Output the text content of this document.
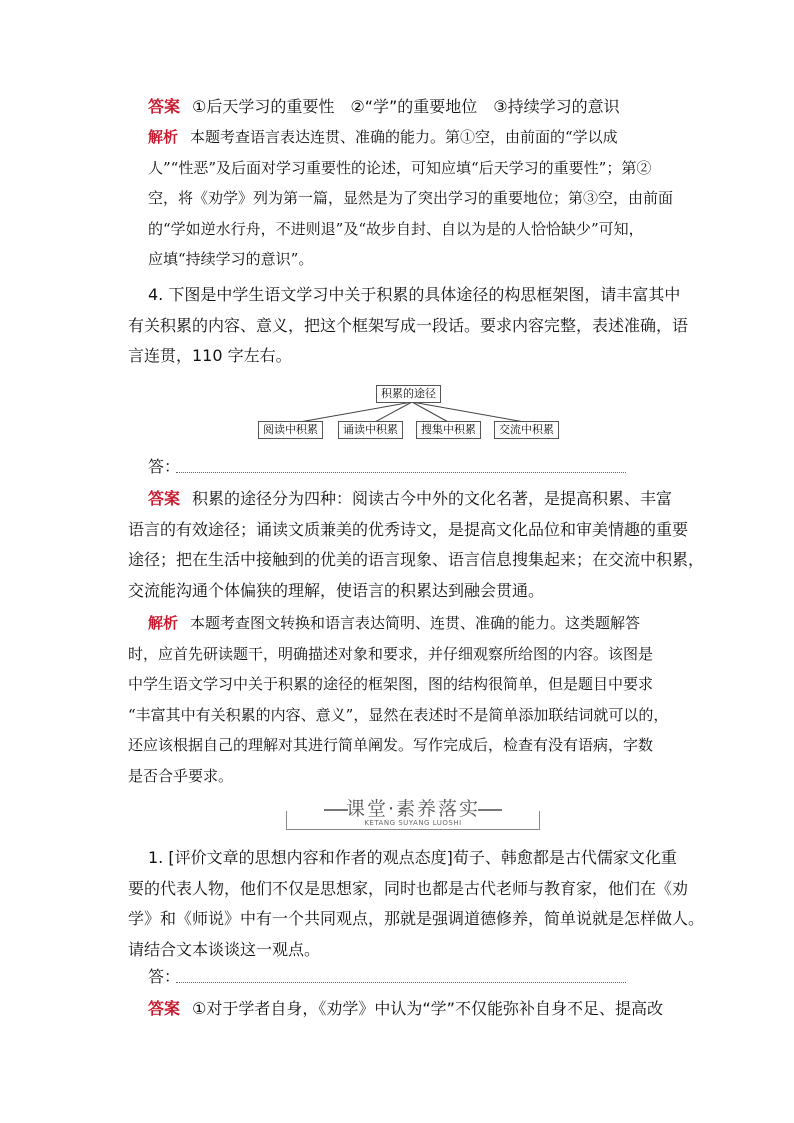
答案 ①后天学习的重要性　②“学”的重要地位　③持续学习的意识

解析 本题考查语言表达连贯、准确的能力。第①空，由前面的“学以成
人”“性恶”及后面对学习重要性的论述，可知应填“后天学习的重要性”；第②
空，将《劝学》列为第一篇，显然是为了突出学习的重要地位；第③空，由前面
的“学如逆水行舟，不进则退”及“故步自封、自以为是的人恰恰缺少”可知，
应填“持续学习的意识”。
4. 下图是中学生语文学习中关于积累的具体途径的构思框架图，请丰富其中
有关积累的内容、意义，把这个框架写成一段话。要求内容完整，表述准确，语
言连贯，110 字左右。
积累的途径
阅读中积累	诵读中积累	搜集中积累	交流中积累
答：
答案 积累的途径分为四种：阅读古今中外的文化名著，是提高积累、丰富
语言的有效途径；诵读文质兼美的优秀诗文，是提高文化品位和审美情趣的重要
途径；把在生活中接触到的优美的语言现象、语言信息搜集起来；在交流中积累，
交流能沟通个体偏狭的理解，使语言的积累达到融会贯通。
解析 本题考查图文转换和语言表达简明、连贯、准确的能力。这类题解答
时，应首先研读题干，明确描述对象和要求，并仔细观察所给图的内容。该图是
中学生语文学习中关于积累的途径的框架图，图的结构很简单，但是题目中要求
“丰富其中有关积累的内容、意义”，显然在表述时不是简单添加联结词就可以的，
还应该根据自己的理解对其进行简单阐发。写作完成后，检查有没有语病，字数
是否合乎要求。
课堂·素养落实
KETANG SUYANG LUOSHI
1. [评价文章的思想内容和作者的观点态度]荀子、韩愈都是古代儒家文化重
要的代表人物，他们不仅是思想家，同时也都是古代老师与教育家，他们在《劝
学》和《师说》中有一个共同观点，那就是强调道德修养，简单说就是怎样做人。
请结合文本谈谈这一观点。
答：

答案 ①对于学者自身，《劝学》中认为“学”不仅能弥补自身不足、提高改
